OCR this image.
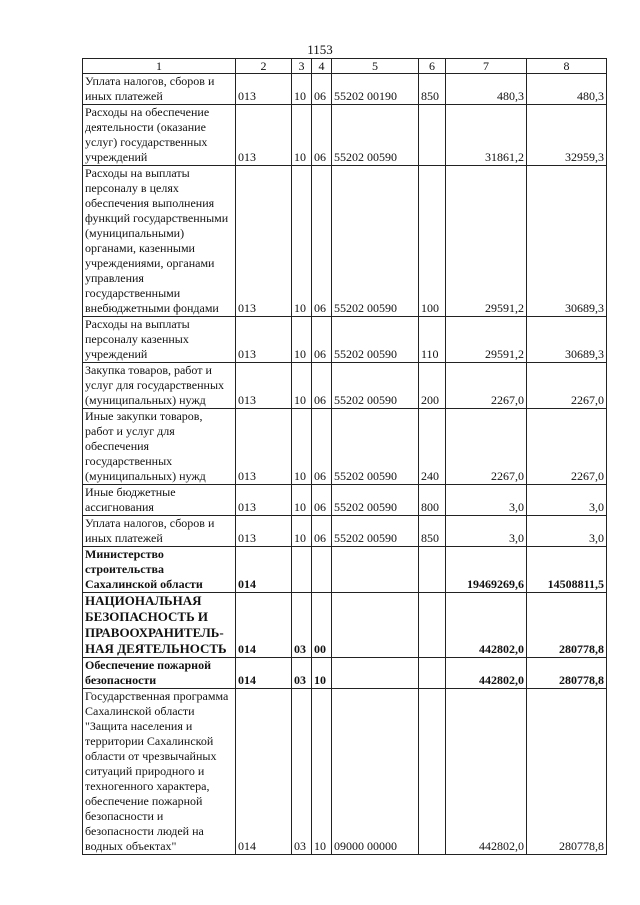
1153
1	2	3	4	5	6	7	8
Уплата налогов, сборов и иных платежей	013	10	06	55202 00190	850	480,3	480,3
Расходы на обеспечение деятельности (оказание услуг) государственных учреждений	013	10	06	55202 00590		31861,2	32959,3
Расходы на выплаты персоналу в целях обеспечения выполнения функций государственными (муниципальными) органами, казенными учреждениями, органами управления государственными внебюджетными фондами	013	10	06	55202 00590	100	29591,2	30689,3
Расходы на выплаты персоналу казенных учреждений	013	10	06	55202 00590	110	29591,2	30689,3
Закупка товаров, работ и услуг для государственных (муниципальных) нужд	013	10	06	55202 00590	200	2267,0	2267,0
Иные закупки товаров, работ и услуг для обеспечения государственных (муниципальных) нужд	013	10	06	55202 00590	240	2267,0	2267,0
Иные бюджетные ассигнования	013	10	06	55202 00590	800	3,0	3,0
Уплата налогов, сборов и иных платежей	013	10	06	55202 00590	850	3,0	3,0
Министерство строительства Сахалинской области	014					19469269,6	14508811,5
НАЦИОНАЛЬНАЯ БЕЗОПАСНОСТЬ И ПРАВООХРАНИТЕЛЬ-НАЯ ДЕЯТЕЛЬНОСТЬ	014	03	00			442802,0	280778,8
Обеспечение пожарной безопасности	014	03	10			442802,0	280778,8
Государственная программа Сахалинской области "Защита населения и территории Сахалинской области от чрезвычайных ситуаций природного и техногенного характера, обеспечение пожарной безопасности и безопасности людей на водных объектах"	014	03	10	09000 00000		442802,0	280778,8
